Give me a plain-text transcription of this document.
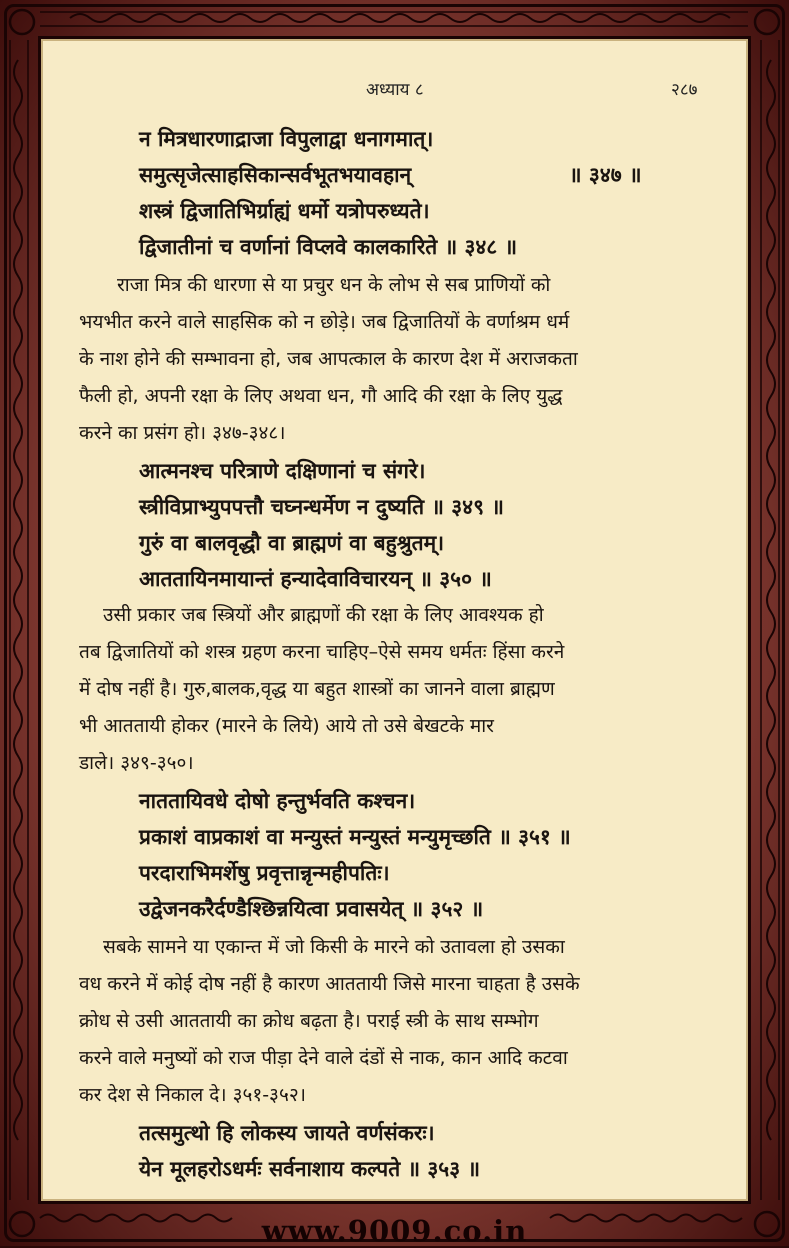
अध्याय ८	२८७
न मित्रधारणाद्राजा विपुलाद्वा धनागमात्।
समुत्सृजेत्साहसिकान्सर्वभूतभयावहान्	॥ ३४७ ॥
शस्त्रं द्विजातिभिर्ग्राह्यं धर्मो यत्रोपरुध्यते।
द्विजातीनां च वर्णानां विप्लवे कालकारिते ॥ ३४८ ॥
राजा मित्र की धारणा से या प्रचुर धन के लोभ से सब प्राणियों को
भयभीत करने वाले साहसिक को न छोड़े। जब द्विजातियों के वर्णाश्रम धर्म
के नाश होने की सम्भावना हो, जब आपत्काल के कारण देश में अराजकता
फैली हो, अपनी रक्षा के लिए अथवा धन, गौ आदि की रक्षा के लिए युद्ध
करने का प्रसंग हो। ३४७-३४८।
आत्मनश्च परित्राणे दक्षिणानां च संगरे।
स्त्रीविप्राभ्युपपत्तौ चघ्नन्धर्मेण न दुष्यति ॥ ३४९ ॥
गुरुं वा बालवृद्धौ वा ब्राह्मणं वा बहुश्रुतम्।
आततायिनमायान्तं हन्यादेवाविचारयन् ॥ ३५० ॥
उसी प्रकार जब स्त्रियों और ब्राह्मणों की रक्षा के लिए आवश्यक हो
तब द्विजातियों को शस्त्र ग्रहण करना चाहिए–ऐसे समय धर्मतः हिंसा करने
में दोष नहीं है। गुरु,बालक,वृद्ध या बहुत शास्त्रों का जानने वाला ब्राह्मण
भी आततायी होकर (मारने के लिये) आये तो उसे बेखटके मार
डाले। ३४९-३५०।
नाततायिवधे दोषो हन्तुर्भवति कश्चन।
प्रकाशं वाप्रकाशं वा मन्युस्तं मन्युस्तं मन्युमृच्छति ॥ ३५१ ॥
परदाराभिमर्शेषु प्रवृत्तान्नृन्महीपतिः।
उद्वेजनकरैर्दण्डैश्छिन्नयित्वा प्रवासयेत् ॥ ३५२ ॥
सबके सामने या एकान्त में जो किसी के मारने को उतावला हो उसका
वध करने में कोई दोष नहीं है कारण आततायी जिसे मारना चाहता है उसके
क्रोध से उसी आततायी का क्रोध बढ़ता है। पराई स्त्री के साथ सम्भोग
करने वाले मनुष्यों को राज पीड़ा देने वाले दंडों से नाक, कान आदि कटवा
कर देश से निकाल दे। ३५१-३५२।
तत्समुत्थो हि लोकस्य जायते वर्णसंकरः।
येन मूलहरोऽधर्मः सर्वनाशाय कल्पते ॥ ३५३ ॥
www.9009.co.in
